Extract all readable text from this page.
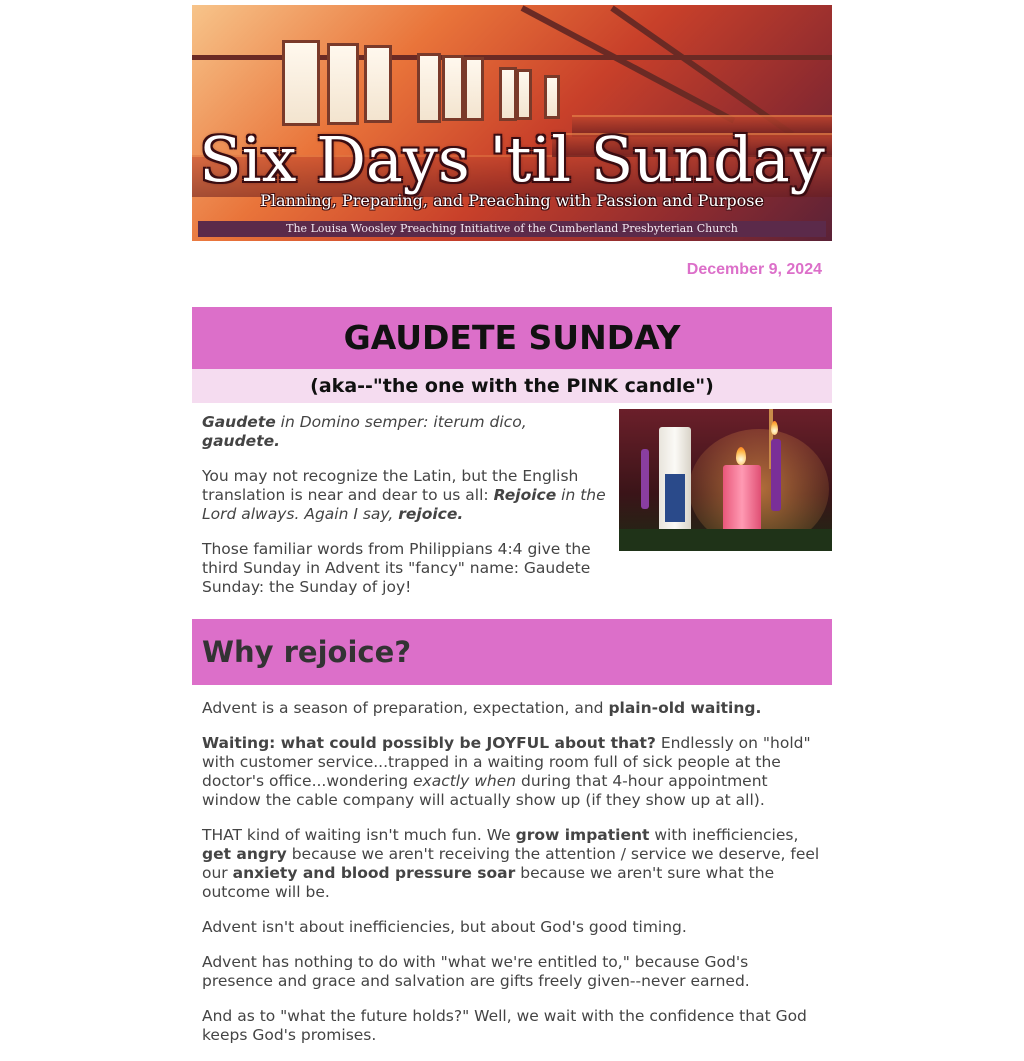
Six Days 'til Sunday
Planning, Preparing, and Preaching with Passion and Purpose
The Louisa Woosley Preaching Initiative of the Cumberland Presbyterian Church
December 9, 2024
GAUDETE SUNDAY
(aka--"the one with the PINK candle")

Gaudete in Domino semper: iterum dico, gaudete.

You may not recognize the Latin, but the English translation is near and dear to us all: Rejoice in the Lord always. Again I say, rejoice.

Those familiar words from Philippians 4:4 give the third Sunday in Advent its "fancy" name: Gaudete Sunday: the Sunday of joy!

Why rejoice?

Advent is a season of preparation, expectation, and plain-old waiting.

Waiting: what could possibly be JOYFUL about that? Endlessly on "hold" with customer service...trapped in a waiting room full of sick people at the doctor's office...wondering exactly when during that 4-hour appointment window the cable company will actually show up (if they show up at all).

THAT kind of waiting isn't much fun. We grow impatient with inefficiencies, get angry because we aren't receiving the attention / service we deserve, feel our anxiety and blood pressure soar because we aren't sure what the outcome will be.

Advent isn't about inefficiencies, but about God's good timing.

Advent has nothing to do with "what we're entitled to," because God's presence and grace and salvation are gifts freely given--never earned.

And as to "what the future holds?" Well, we wait with the confidence that God keeps God's promises.
